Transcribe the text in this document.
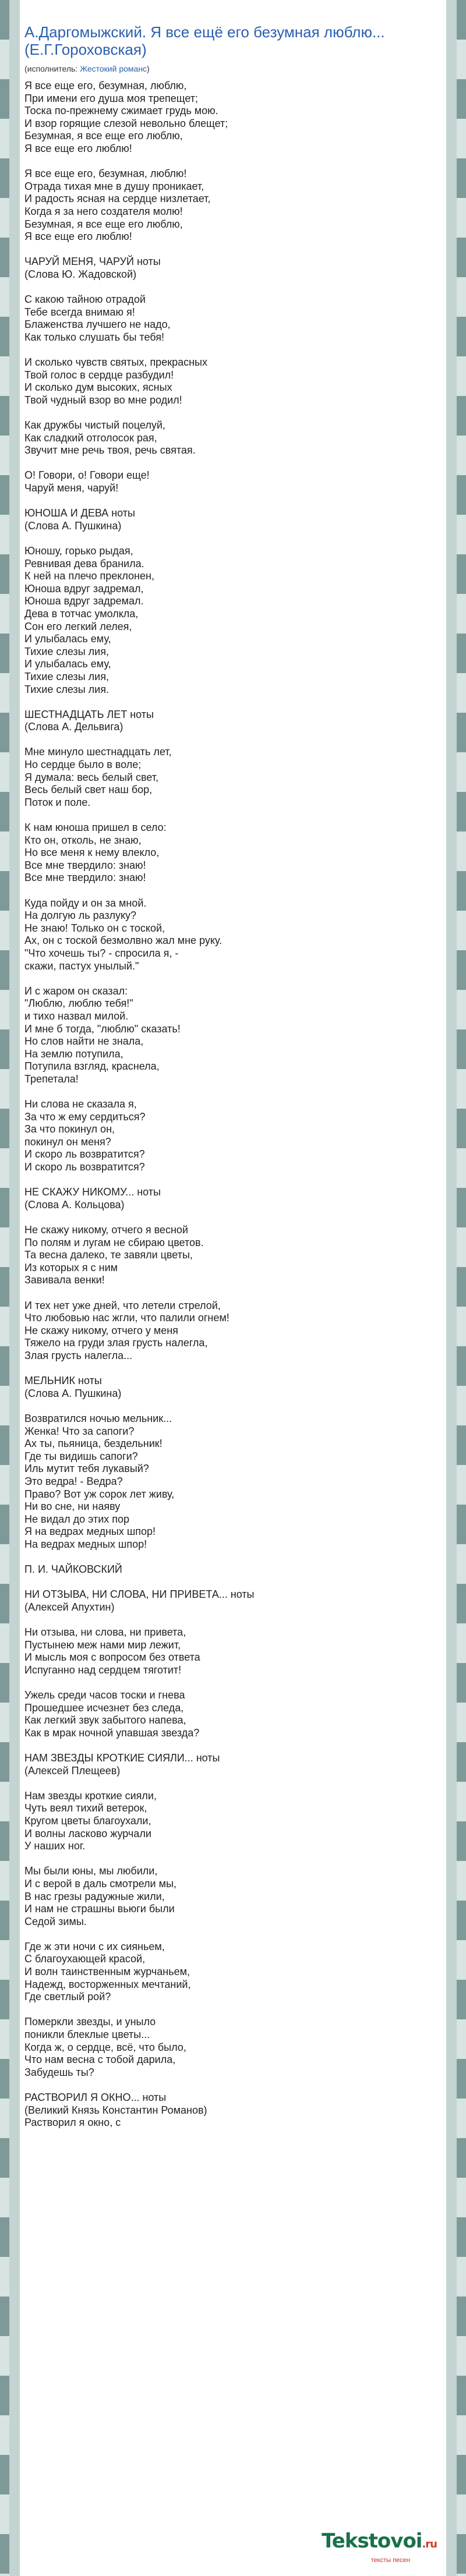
А.Даргомыжский. Я все ещё его безумная люблю... (Е.Г.Гороховская)
(исполнитель: Жестокий романс)
Я все еще его, безумная, люблю,
При имени его душа моя трепещет;
Тоска по-прежнему сжимает грудь мою.
И взор горящие слезой невольно блещет;
Безумная, я все еще его люблю,
Я все еще его люблю!

Я все еще его, безумная, люблю!
Отрада тихая мне в душу проникает,
И радость ясная на сердце низлетает,
Когда я за него создателя молю!
Безумная, я все еще его люблю,
Я все еще его люблю!

ЧАРУЙ МЕНЯ, ЧАРУЙ ноты
(Слова Ю. Жадовской)

С какою тайною отрадой
Тебе всегда внимаю я!
Блаженства лучшего не надо,
Как только слушать бы тебя!

И сколько чувств святых, прекрасных
Твой голос в сердце разбудил!
И сколько дум высоких, ясных
Твой чудный взор во мне родил!

Как дружбы чистый поцелуй,
Как сладкий отголосок рая,
Звучит мне речь твоя, речь святая.

О! Говори, о! Говори еще!
Чаруй меня, чаруй!

ЮНОША И ДЕВА ноты
(Слова А. Пушкина)

Юношу, горько рыдая,
Ревнивая дева бранила.
К ней на плечо преклонен,
Юноша вдруг задремал,
Юноша вдруг задремал.
Дева в тотчас умолкла,
Сон его легкий лелея,
И улыбалась ему,
Тихие слезы лия,
И улыбалась ему,
Тихие слезы лия,
Тихие слезы лия.

ШЕСТНАДЦАТЬ ЛЕТ ноты
(Слова А. Дельвига)

Мне минуло шестнадцать лет,
Но сердце было в воле;
Я думала: весь белый свет,
Весь белый свет наш бор,
Поток и поле.

К нам юноша пришел в село:
Кто он, отколь, не знаю,
Но все меня к нему влекло,
Все мне твердило: знаю!
Все мне твердило: знаю!

Куда пойду и он за мной.
На долгую ль разлуку?
Не знаю! Только он с тоской,
Ах, он с тоской безмолвно жал мне руку.
"Что хочешь ты? - спросила я, -
скажи, пастух унылый."

И с жаром он сказал:
"Люблю, люблю тебя!"
и тихо назвал милой.
И мне б тогда, "люблю" сказать!
Но слов найти не знала,
На землю потупила,
Потупила взгляд, краснела,
Трепетала!

Ни слова не сказала я,
За что ж ему сердиться?
За что покинул он,
покинул он меня?
И скоро ль возвратится?
И скоро ль возвратится?

НЕ СКАЖУ НИКОМУ... ноты
(Слова А. Кольцова)

Не скажу никому, отчего я весной
По полям и лугам не сбираю цветов.
Та весна далеко, те завяли цветы,
Из которых я с ним
Завивала венки!

И тех нет уже дней, что летели стрелой,
Что любовью нас жгли, что палили огнем!
Не скажу никому, отчего у меня
Тяжело на груди злая грусть налегла,
Злая грусть налегла...

МЕЛЬНИК ноты
(Слова А. Пушкина)

Возвратился ночью мельник...
Женка! Что за сапоги?
Ах ты, пьяница, бездельник!
Где ты видишь сапоги?
Иль мутит тебя лукавый?
Это ведра! - Ведра?
Право? Вот уж сорок лет живу,
Ни во сне, ни наяву
Не видал до этих пор
Я на ведрах медных шпор!
На ведрах медных шпор!

П. И. ЧАЙКОВСКИЙ

НИ ОТЗЫВА, НИ СЛОВА, НИ ПРИВЕТА... ноты
(Алексей Апухтин)

Ни отзыва, ни слова, ни привета,
Пустынею меж нами мир лежит,
И мысль моя с вопросом без ответа
Испуганно над сердцем тяготит!

Ужель среди часов тоски и гнева
Прошедшее исчезнет без следа,
Как легкий звук забытого напева,
Как в мрак ночной упавшая звезда?

НАМ ЗВЕЗДЫ КРОТКИЕ СИЯЛИ... ноты
(Алексей Плещеев)

Нам звезды кроткие сияли,
Чуть веял тихий ветерок,
Кругом цветы благоухали,
И волны ласково журчали
У наших ног.

Мы были юны, мы любили,
И с верой в даль смотрели мы,
В нас грезы радужные жили,
И нам не страшны вьюги были
Седой зимы.

Где ж эти ночи с их сияньем,
С благоухающей красой,
И волн таинственным журчаньем,
Надежд, восторженных мечтаний,
Где светлый рой?

Померкли звезды, и уныло
поникли блеклые цветы...
Когда ж, о сердце, всё, что было,
Что нам весна с тобой дарила,
Забудешь ты?

РАСТВОРИЛ Я ОКНО... ноты
(Великий Князь Константин Романов)
Растворил я окно, с
Tekstovoi.ru
тексты песен
